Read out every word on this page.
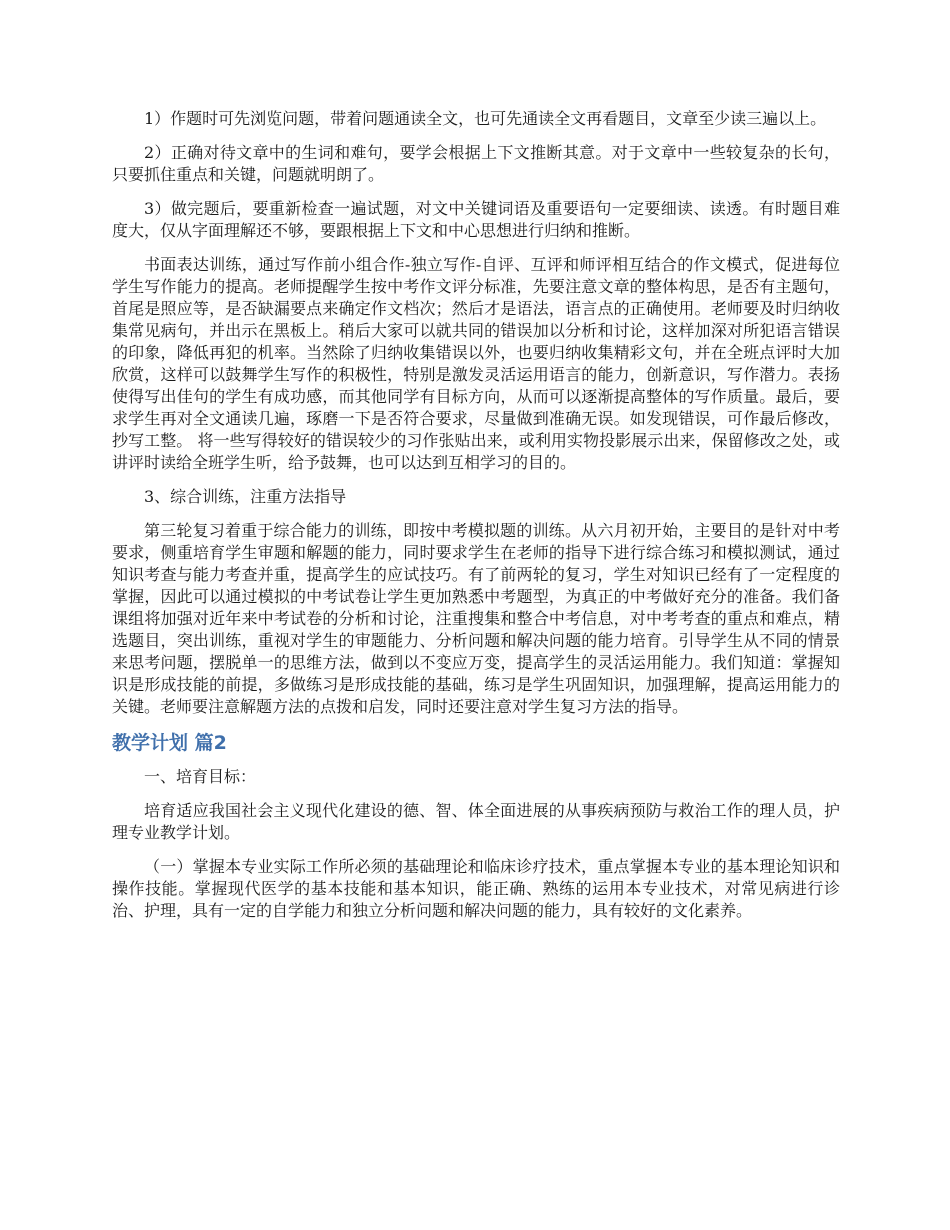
1）作题时可先浏览问题，带着问题通读全文，也可先通读全文再看题目，文章至少读三遍以上。

2）正确对待文章中的生词和难句，要学会根据上下文推断其意。对于文章中一些较复杂的长句，只要抓住重点和关键，问题就明朗了。

3）做完题后，要重新检查一遍试题，对文中关键词语及重要语句一定要细读、读透。有时题目难度大，仅从字面理解还不够，要跟根据上下文和中心思想进行归纳和推断。

书面表达训练，通过写作前小组合作-独立写作-自评、互评和师评相互结合的作文模式，促进每位学生写作能力的提高。老师提醒学生按中考作文评分标准，先要注意文章的整体构思，是否有主题句，首尾是照应等，是否缺漏要点来确定作文档次；然后才是语法，语言点的正确使用。老师要及时归纳收集常见病句，并出示在黑板上。稍后大家可以就共同的错误加以分析和讨论，这样加深对所犯语言错误的印象，降低再犯的机率。当然除了归纳收集错误以外，也要归纳收集精彩文句，并在全班点评时大加欣赏，这样可以鼓舞学生写作的积极性，特别是激发灵活运用语言的能力，创新意识，写作潜力。表扬使得写出佳句的学生有成功感，而其他同学有目标方向，从而可以逐渐提高整体的写作质量。最后，要求学生再对全文通读几遍，琢磨一下是否符合要求，尽量做到准确无误。如发现错误，可作最后修改，抄写工整。 将一些写得较好的错误较少的习作张贴出来，或利用实物投影展示出来，保留修改之处，或讲评时读给全班学生听，给予鼓舞，也可以达到互相学习的目的。

3、综合训练，注重方法指导

第三轮复习着重于综合能力的训练，即按中考模拟题的训练。从六月初开始，主要目的是针对中考要求，侧重培育学生审题和解题的能力，同时要求学生在老师的指导下进行综合练习和模拟测试，通过知识考查与能力考查并重，提高学生的应试技巧。有了前两轮的复习，学生对知识已经有了一定程度的掌握，因此可以通过模拟的中考试卷让学生更加熟悉中考题型，为真正的中考做好充分的准备。我们备课组将加强对近年来中考试卷的分析和讨论，注重搜集和整合中考信息，对中考考查的重点和难点，精选题目，突出训练，重视对学生的审题能力、分析问题和解决问题的能力培育。引导学生从不同的情景来思考问题，摆脱单一的思维方法，做到以不变应万变，提高学生的灵活运用能力。我们知道：掌握知识是形成技能的前提，多做练习是形成技能的基础，练习是学生巩固知识，加强理解，提高运用能力的关键。老师要注意解题方法的点拨和启发，同时还要注意对学生复习方法的指导。

教学计划 篇2

一、培育目标：

培育适应我国社会主义现代化建设的德、智、体全面进展的从事疾病预防与救治工作的理人员，护理专业教学计划。

（一）掌握本专业实际工作所必须的基础理论和临床诊疗技术，重点掌握本专业的基本理论知识和操作技能。掌握现代医学的基本技能和基本知识，能正确、熟练的运用本专业技术，对常见病进行诊治、护理，具有一定的自学能力和独立分析问题和解决问题的能力，具有较好的文化素养。
